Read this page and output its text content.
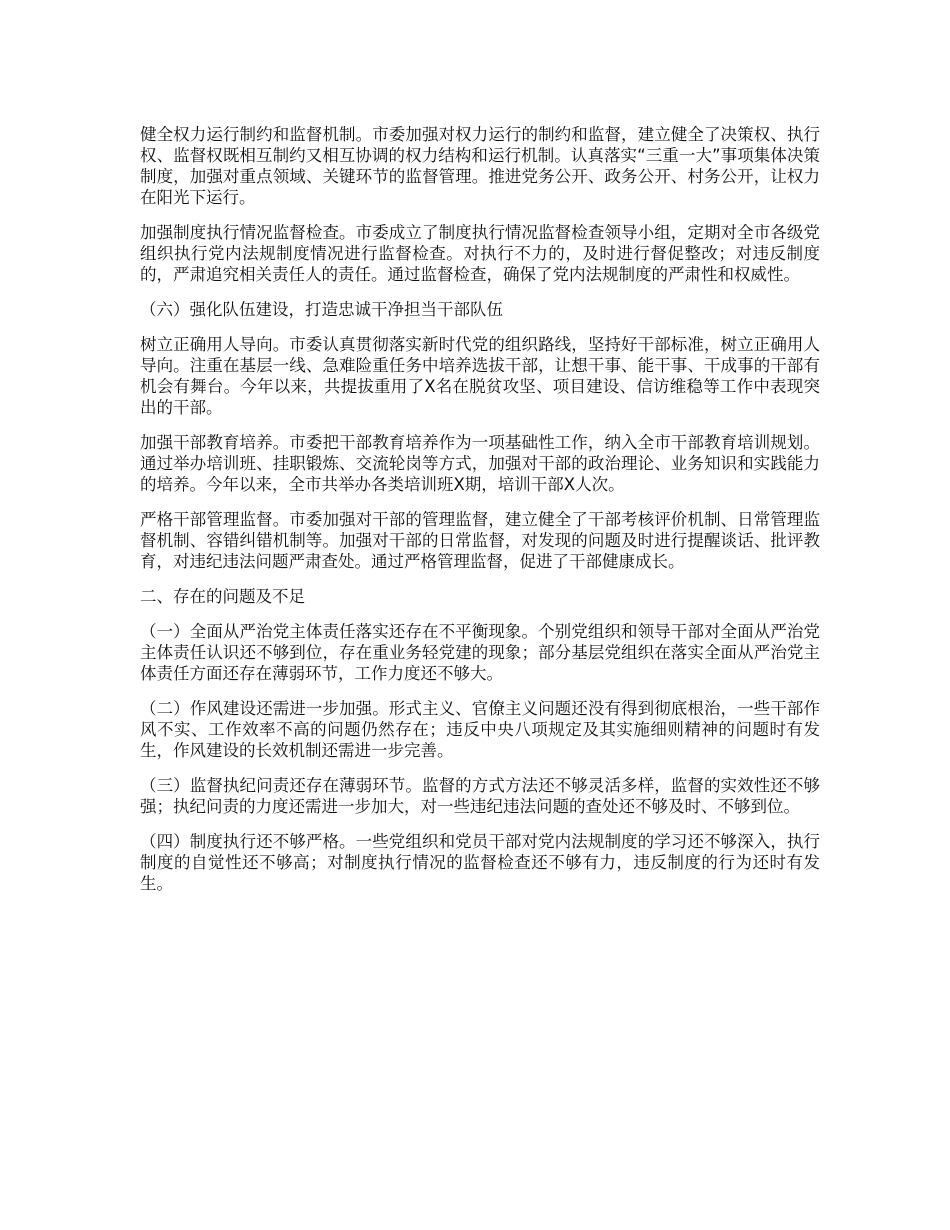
健全权力运行制约和监督机制。市委加强对权力运行的制约和监督，建立健全了决策权、执行权、监督权既相互制约又相互协调的权力结构和运行机制。认真落实“三重一大”事项集体决策制度，加强对重点领域、关键环节的监督管理。推进党务公开、政务公开、村务公开，让权力在阳光下运行。

加强制度执行情况监督检查。市委成立了制度执行情况监督检查领导小组，定期对全市各级党组织执行党内法规制度情况进行监督检查。对执行不力的，及时进行督促整改；对违反制度的，严肃追究相关责任人的责任。通过监督检查，确保了党内法规制度的严肃性和权威性。

（六）强化队伍建设，打造忠诚干净担当干部队伍

树立正确用人导向。市委认真贯彻落实新时代党的组织路线，坚持好干部标准，树立正确用人导向。注重在基层一线、急难险重任务中培养选拔干部，让想干事、能干事、干成事的干部有机会有舞台。今年以来，共提拔重用了X名在脱贫攻坚、项目建设、信访维稳等工作中表现突出的干部。

加强干部教育培养。市委把干部教育培养作为一项基础性工作，纳入全市干部教育培训规划。通过举办培训班、挂职锻炼、交流轮岗等方式，加强对干部的政治理论、业务知识和实践能力的培养。今年以来，全市共举办各类培训班X期，培训干部X人次。

严格干部管理监督。市委加强对干部的管理监督，建立健全了干部考核评价机制、日常管理监督机制、容错纠错机制等。加强对干部的日常监督，对发现的问题及时进行提醒谈话、批评教育，对违纪违法问题严肃查处。通过严格管理监督，促进了干部健康成长。

二、存在的问题及不足

（一）全面从严治党主体责任落实还存在不平衡现象。个别党组织和领导干部对全面从严治党主体责任认识还不够到位，存在重业务轻党建的现象；部分基层党组织在落实全面从严治党主体责任方面还存在薄弱环节，工作力度还不够大。

（二）作风建设还需进一步加强。形式主义、官僚主义问题还没有得到彻底根治，一些干部作风不实、工作效率不高的问题仍然存在；违反中央八项规定及其实施细则精神的问题时有发生，作风建设的长效机制还需进一步完善。

（三）监督执纪问责还存在薄弱环节。监督的方式方法还不够灵活多样，监督的实效性还不够强；执纪问责的力度还需进一步加大，对一些违纪违法问题的查处还不够及时、不够到位。

（四）制度执行还不够严格。一些党组织和党员干部对党内法规制度的学习还不够深入，执行制度的自觉性还不够高；对制度执行情况的监督检查还不够有力，违反制度的行为还时有发生。
